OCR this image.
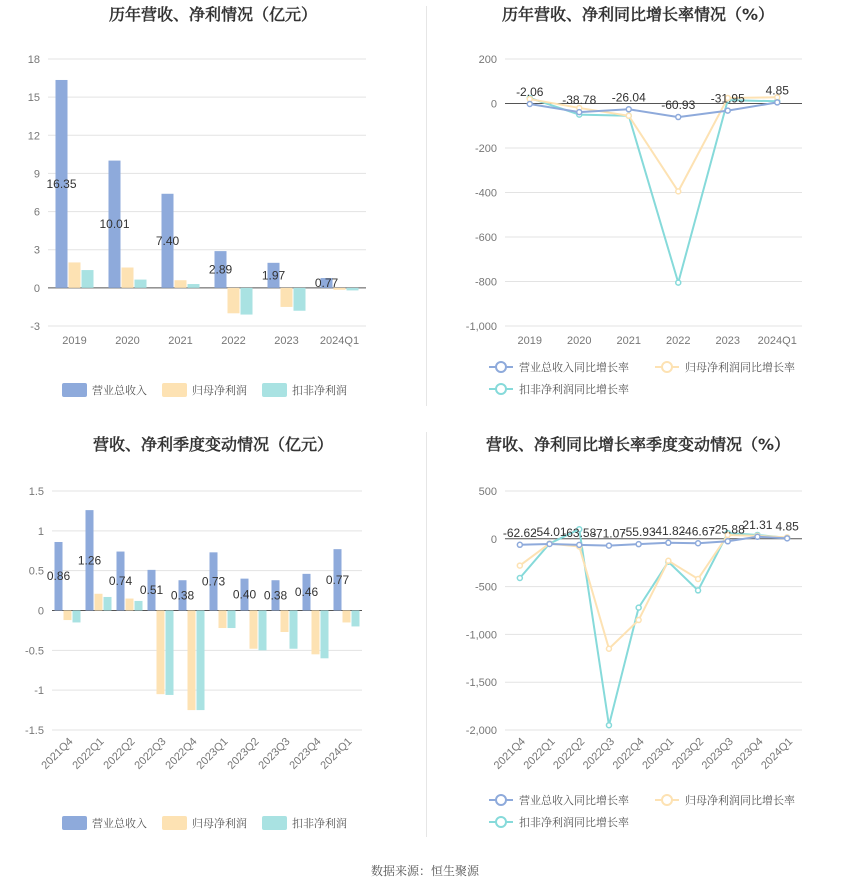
历年营收、净利情况（亿元）
18
15
12
9
6
3
0
-3
2019	2020	2021	2022	2023 2024Q1
16.35
10.01
7.40
2.89 1.97
0.77
营业总收入	归母净利润	扣非净利润
历年营收、净利同比增长率情况（%）
200
0
-200
-400
-600
-800
-1,000
2019 2020 2021 2022 2023 2024Q1
-2.06
-38.78 -26.04
-60.93 -31.95
4.85
营业总收入同比增长率	归母净利润同比增长率
扣非净利润同比增长率
营收、净利季度变动情况（亿元）
1.5
1
0.5
0
-0.5
-1
-1.5
2021Q4
2022Q1
2022Q2
2022Q3
2022Q4
2023Q1
2023Q2
2023Q3
2023Q4
2024Q1
0.86
1.26
0.74
0.51 0.38
0.73
0.40 0.38 0.46
0.77
营业总收入	归母净利润	扣非净利润
营收、净利同比增长率季度变动情况（%）
500
0
-500
-1,000
-1,500
-2,000
2021Q4
2022Q1
2022Q2
2022Q3
2022Q4
2023Q1
2023Q2
2023Q3
2023Q4
2024Q1
-62.62
-54.01
-63.58
-71.07
-55.93
-41.82
-46.67
-25.88
21.31 4.85
营业总收入同比增长率	归母净利润同比增长率
扣非净利润同比增长率
数据来源：恒生聚源
